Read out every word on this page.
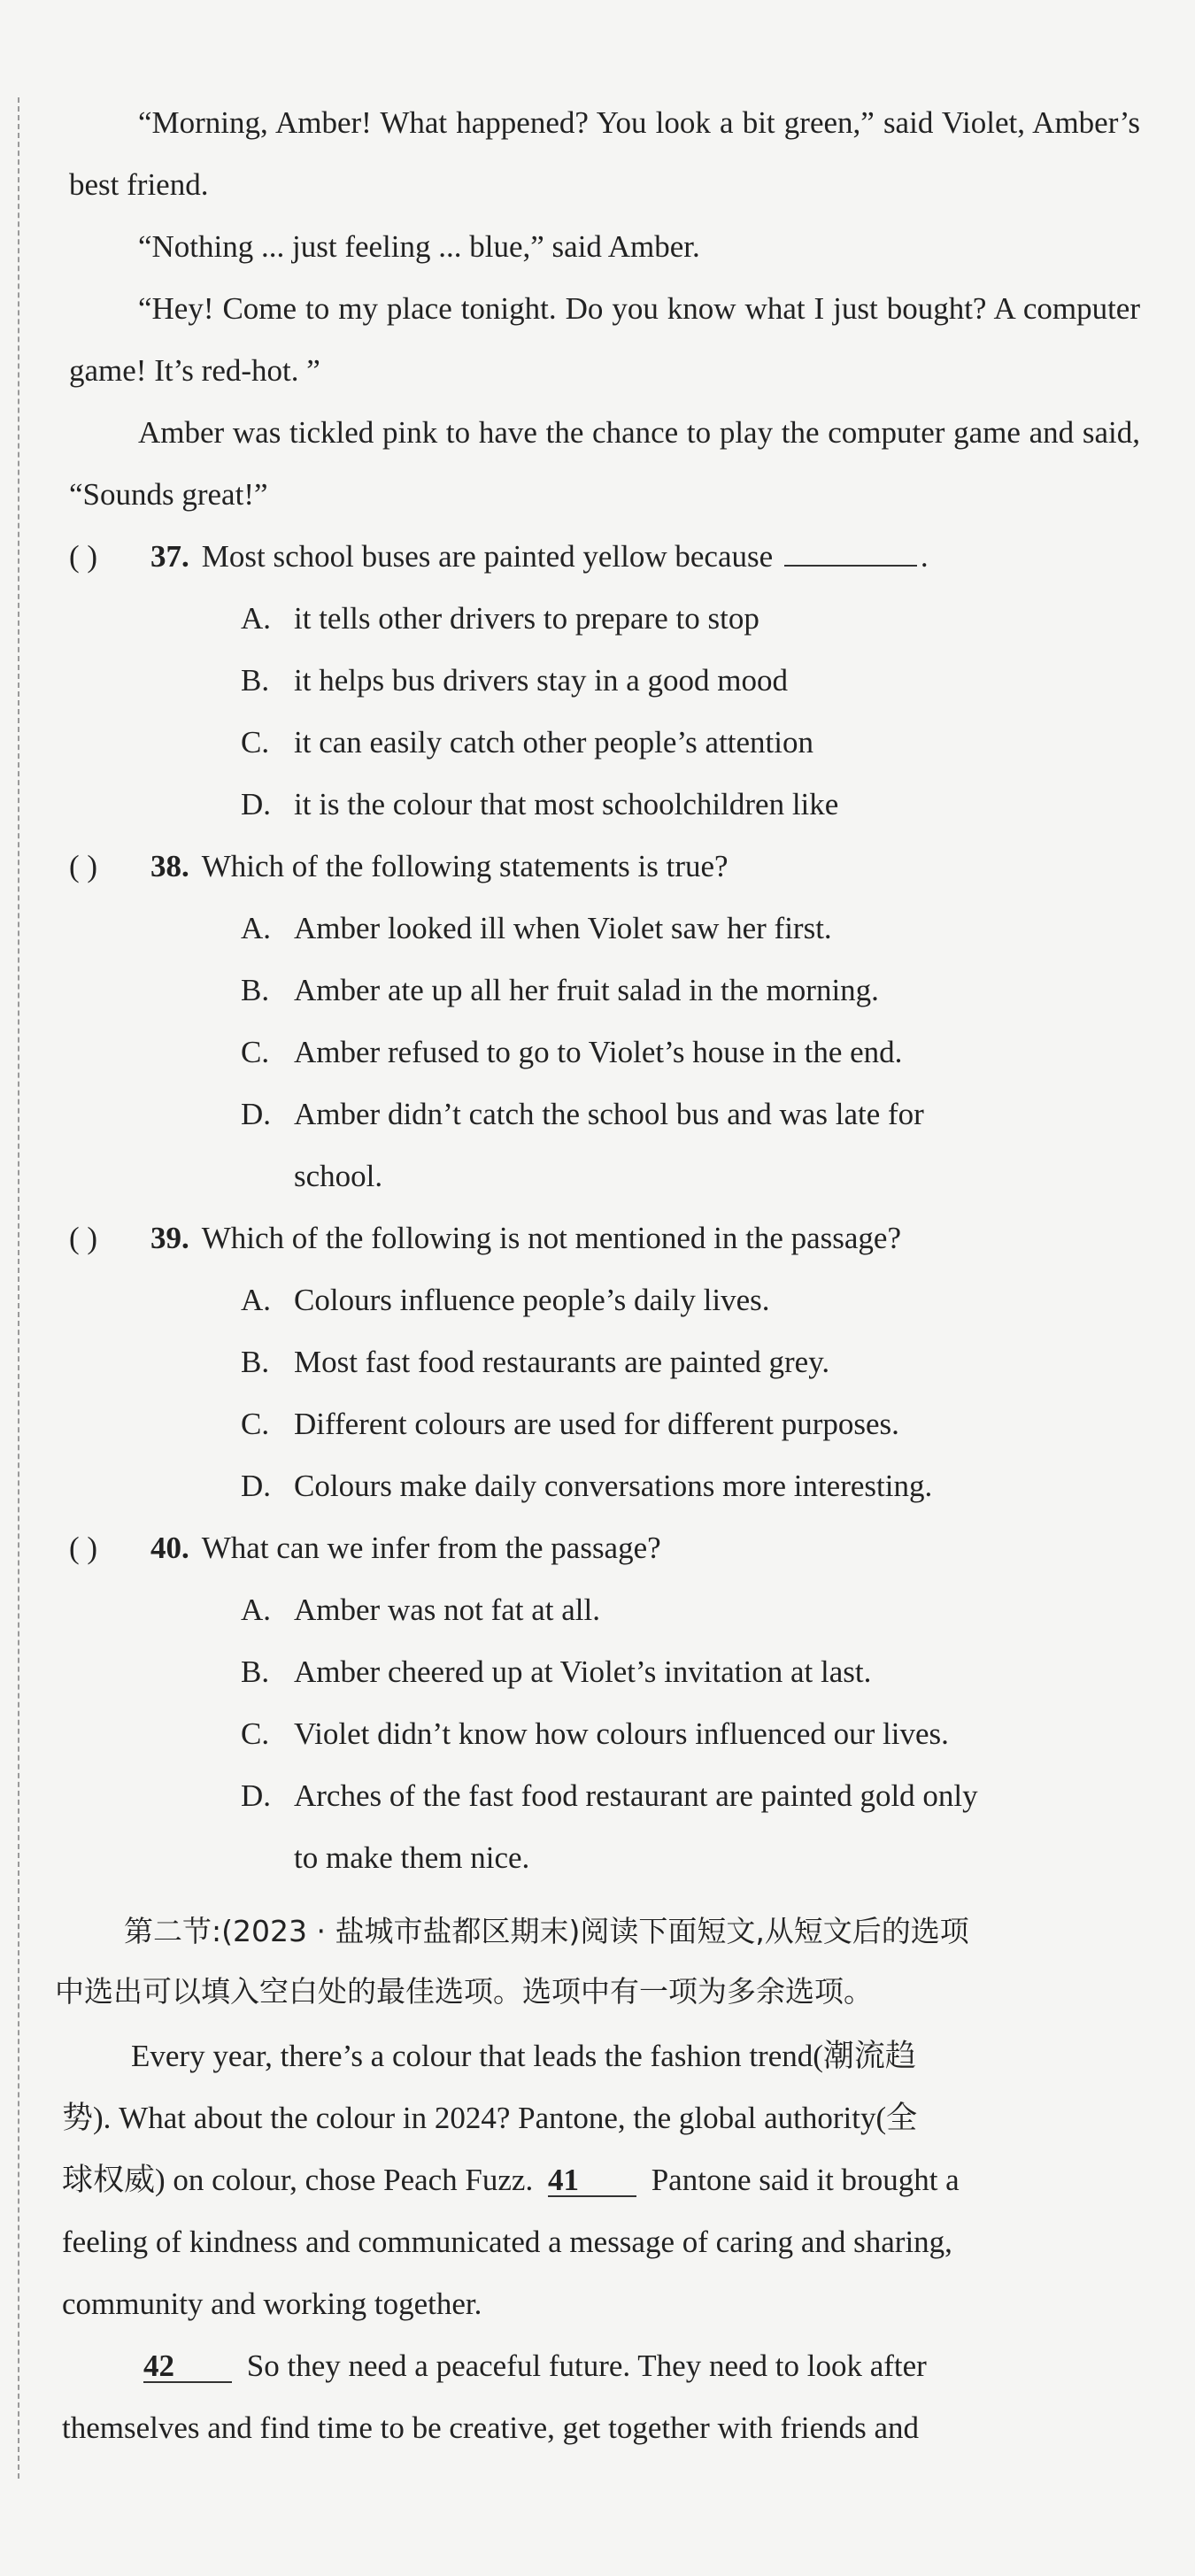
“Morning, Amber! What happened? You look a bit green,” said Violet, Amber’s best friend.
“Nothing ... just feeling ... blue,” said Amber.
“Hey! Come to my place tonight. Do you know what I just bought? A computer game! It’s red-hot. ”
Amber was tickled pink to have the chance to play the computer game and said, “Sounds great!”
( ) 37. Most school buses are painted yellow because	.
A. it tells other drivers to prepare to stop
B. it helps bus drivers stay in a good mood
C. it can easily catch other people’s attention
D. it is the colour that most schoolchildren like
( ) 38. Which of the following statements is true?
A. Amber looked ill when Violet saw her first.
B. Amber ate up all her fruit salad in the morning.
C. Amber refused to go to Violet’s house in the end.
D. Amber didn’t catch the school bus and was late for
school.
( ) 39. Which of the following is not mentioned in the passage?
A. Colours influence people’s daily lives.
B. Most fast food restaurants are painted grey.
C. Different colours are used for different purposes.
D. Colours make daily conversations more interesting.
( ) 40. What can we infer from the passage?
A. Amber was not fat at all.
B. Amber cheered up at Violet’s invitation at last.
C. Violet didn’t know how colours influenced our lives.
D. Arches of the fast food restaurant are painted gold only
to make them nice.
第二节:(2023 · 盐城市盐都区期末)阅读下面短文,从短文后的选项
中选出可以填入空白处的最佳选项。选项中有一项为多余选项。
Every year, there’s a colour that leads the fashion trend(潮流趋
势). What about the colour in 2024? Pantone, the global authority(全
球权威) on colour, chose Peach Fuzz. 41 Pantone said it brought a
feeling of kindness and communicated a message of caring and sharing,
community and working together.
42 So they need a peaceful future. They need to look after
themselves and find time to be creative, get together with friends and
